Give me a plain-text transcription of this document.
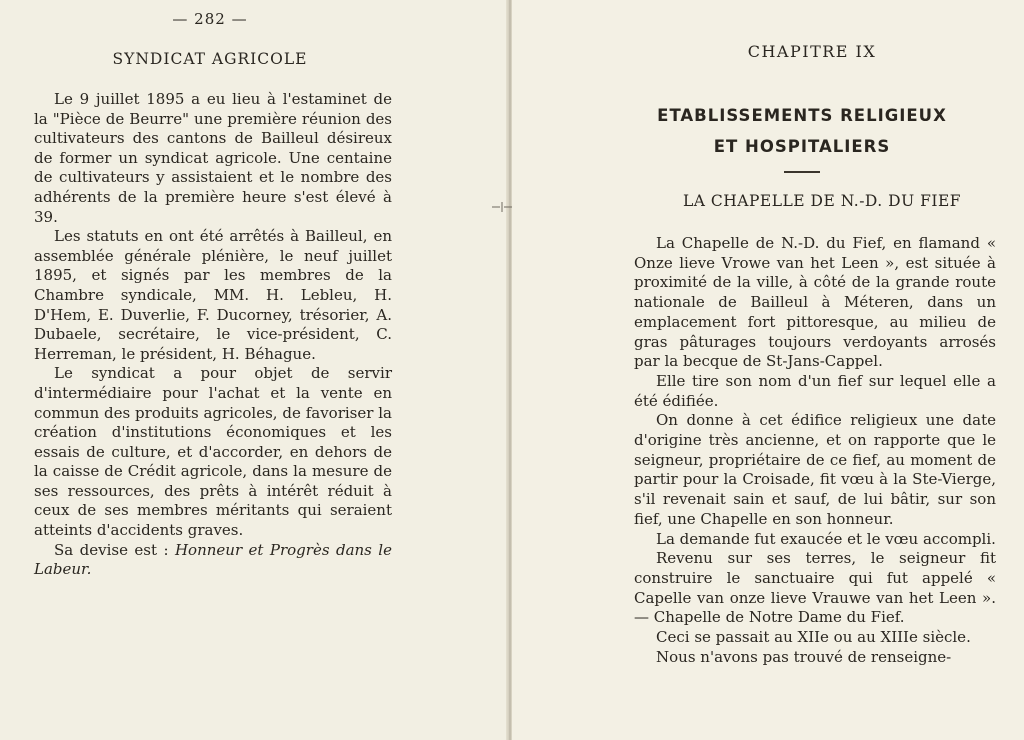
— 282 —
SYNDICAT AGRICOLE

Le 9 juillet 1895 a eu lieu à l'estaminet de la "Pièce de Beurre" une première réunion des cultivateurs des cantons de Bailleul désireux de former un syndicat agricole. Une centaine de cultivateurs y assistaient et le nombre des adhérents de la première heure s'est élevé à 39.

Les statuts en ont été arrêtés à Bailleul, en assemblée générale plénière, le neuf juillet 1895, et signés par les membres de la Chambre syndicale, MM. H. Lebleu, H. D'Hem, E. Duverlie, F. Ducorney, trésorier, A. Dubaele, secrétaire, le vice-président, C. Herreman, le président, H. Béhague.

Le syndicat a pour objet de servir d'intermédiaire pour l'achat et la vente en commun des produits agricoles, de favoriser la création d'institutions économiques et les essais de culture, et d'accorder, en dehors de la caisse de Crédit agricole, dans la mesure de ses ressources, des prêts à intérêt réduit à ceux de ses membres méritants qui seraient atteints d'accidents graves.

Sa devise est : Honneur et Progrès dans le Labeur.

CHAPITRE IX
ETABLISSEMENTS RELIGIEUX
ET HOSPITALIERS
LA CHAPELLE DE N.-D. DU FIEF

La Chapelle de N.-D. du Fief, en flamand « Onze lieve Vrowe van het Leen », est située à proximité de la ville, à côté de la grande route nationale de Bailleul à Méteren, dans un emplacement fort pittoresque, au milieu de gras pâturages toujours verdoyants arrosés par la becque de St-Jans-Cappel.

Elle tire son nom d'un fief sur lequel elle a été édifiée.

On donne à cet édifice religieux une date d'origine très ancienne, et on rapporte que le seigneur, propriétaire de ce fief, au moment de partir pour la Croisade, fit vœu à la Ste-Vierge, s'il revenait sain et sauf, de lui bâtir, sur son fief, une Chapelle en son honneur.

La demande fut exaucée et le vœu accompli.

Revenu sur ses terres, le seigneur fit construire le sanctuaire qui fut appelé « Capelle van onze lieve Vrauwe van het Leen ». — Chapelle de Notre Dame du Fief.

Ceci se passait au XIIe ou au XIIIe siècle.

Nous n'avons pas trouvé de renseigne-
